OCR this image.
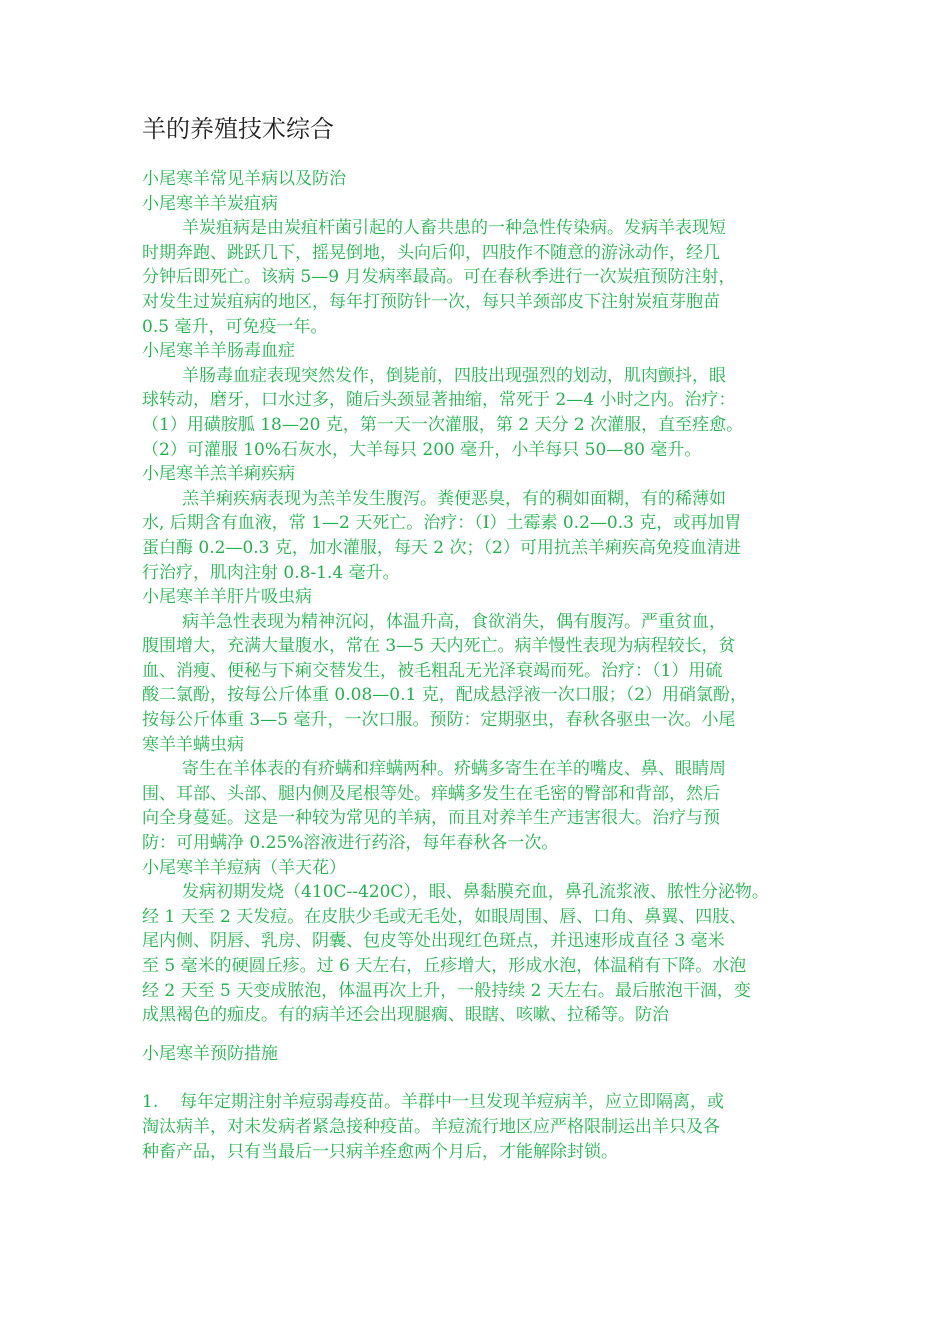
羊的养殖技术综合
小尾寒羊常见羊病以及防治
小尾寒羊羊炭疽病
羊炭疽病是由炭疽杆菌引起的人畜共患的一种急性传染病。发病羊表现短
时期奔跑、跳跃几下，摇晃倒地，头向后仰，四肢作不随意的游泳动作，经几
分钟后即死亡。该病 5—9 月发病率最高。可在春秋季进行一次炭疽预防注射，
对发生过炭疽病的地区，每年打预防针一次，每只羊颈部皮下注射炭疽芽胞苗
0.5 毫升，可免疫一年。
小尾寒羊羊肠毒血症
羊肠毒血症表现突然发作，倒毙前，四肢出现强烈的划动，肌肉颤抖，眼
球转动，磨牙，口水过多，随后头颈显著抽缩，常死于 2—4 小时之内。治疗：
（1）用磺胺胍 18—20 克，第一天一次灌服，第 2 天分 2 次灌服，直至痊愈。
（2）可灌服 10%石灰水，大羊每只 200 毫升，小羊每只 50—80 毫升。
小尾寒羊羔羊痢疾病
羔羊痢疾病表现为羔羊发生腹泻。粪便恶臭，有的稠如面糊，有的稀薄如
水, 后期含有血液，常 1—2 天死亡。治疗：（I）土霉素 0.2—0.3 克，或再加胃
蛋白酶 0.2—0.3 克，加水灌服，每天 2 次；（2）可用抗羔羊痢疾高免疫血清进
行治疗，肌肉注射 0.8-1.4 毫升。
小尾寒羊羊肝片吸虫病
病羊急性表现为精神沉闷，体温升高，食欲消失，偶有腹泻。严重贫血，
腹围增大，充满大量腹水，常在 3—5 天内死亡。病羊慢性表现为病程较长，贫
血、消瘦、便秘与下痢交替发生，被毛粗乱无光泽衰竭而死。治疗：（1）用硫
酸二氯酚，按每公斤体重 0.08—0.1 克，配成悬浮液一次口服；（2）用硝氯酚，
按每公斤体重 3—5 毫升，一次口服。预防：定期驱虫，春秋各驱虫一次。小尾
寒羊羊螨虫病
寄生在羊体表的有疥螨和痒螨两种。疥螨多寄生在羊的嘴皮、鼻、眼睛周
围、耳部、头部、腿内侧及尾根等处。痒螨多发生在毛密的臀部和背部，然后
向全身蔓延。这是一种较为常见的羊病，而且对养羊生产违害很大。治疗与预
防：可用螨净 0.25%溶液进行药浴，每年春秋各一次。
小尾寒羊羊痘病（羊天花）
发病初期发烧（410C--420C），眼、鼻黏膜充血，鼻孔流浆液、脓性分泌物。
经 1 天至 2 天发痘。在皮肤少毛或无毛处，如眼周围、唇、口角、鼻翼、四肢、
尾内侧、阴唇、乳房、阴囊、包皮等处出现红色斑点，并迅速形成直径 3 毫米
至 5 毫米的硬圆丘疹。过 6 天左右，丘疹增大，形成水泡，体温稍有下降。水泡
经 2 天至 5 天变成脓泡，体温再次上升，一般持续 2 天左右。最后脓泡干涸，变
成黑褐色的痂皮。有的病羊还会出现腿瘸、眼瞎、咳嗽、拉稀等。防治
小尾寒羊预防措施
1. 每年定期注射羊痘弱毒疫苗。羊群中一旦发现羊痘病羊，应立即隔离，或
淘汰病羊，对未发病者紧急接种疫苗。羊痘流行地区应严格限制运出羊只及各
种畜产品，只有当最后一只病羊痊愈两个月后，才能解除封锁。
